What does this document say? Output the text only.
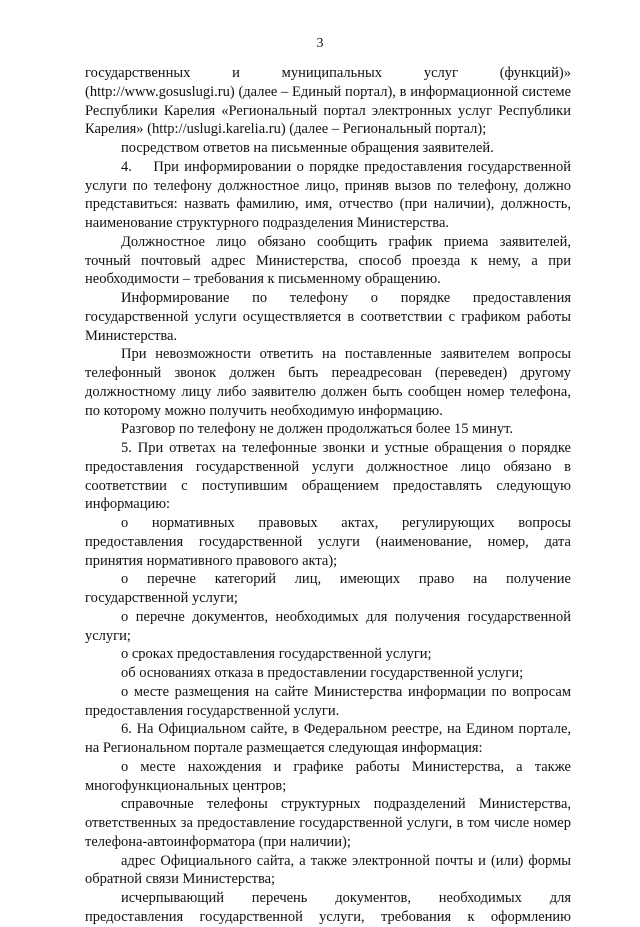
3

государственных и муниципальных услуг (функций)» (http://www.gosuslugi.ru) (далее – Единый портал), в информационной системе Республики Карелия «Региональный портал электронных услуг Республики Карелия» (http://uslugi.karelia.ru) (далее – Региональный портал);

посредством ответов на письменные обращения заявителей.

4.    При информировании о порядке предоставления государственной услуги по телефону должностное лицо, приняв вызов по телефону, должно представиться: назвать фамилию, имя, отчество (при наличии), должность, наименование структурного подразделения Министерства.

Должностное лицо обязано сообщить график приема заявителей, точный почтовый адрес Министерства, способ проезда к нему, а при необходимости – требования к письменному обращению.

Информирование по телефону о порядке предоставления государственной услуги осуществляется в соответствии с графиком работы Министерства.

При невозможности ответить на поставленные заявителем вопросы телефонный звонок должен быть переадресован (переведен) другому должностному лицу либо заявителю должен быть сообщен номер телефона, по которому можно получить необходимую информацию.

Разговор по телефону не должен продолжаться более 15 минут.

5. При ответах на телефонные звонки и устные обращения о порядке предоставления государственной услуги должностное лицо обязано в соответствии с поступившим обращением предоставлять следующую информацию:

о нормативных правовых актах, регулирующих вопросы предоставления государственной услуги (наименование, номер, дата принятия нормативного правового акта);

о перечне категорий лиц, имеющих право на получение государственной услуги;

о перечне документов, необходимых для получения государственной услуги;

о сроках предоставления государственной услуги;

об основаниях отказа в предоставлении государственной услуги;

о месте размещения на сайте Министерства информации по вопросам предоставления государственной услуги.

6. На Официальном сайте, в Федеральном реестре, на Едином портале, на Региональном портале размещается следующая информация:

о месте нахождения и графике работы Министерства, а также многофункциональных центров;

справочные телефоны структурных подразделений Министерства, ответственных за предоставление государственной услуги, в том числе номер телефона-автоинформатора (при наличии);

адрес Официального сайта, а также электронной почты и (или) формы обратной связи Министерства;

исчерпывающий перечень документов, необходимых для предоставления государственной услуги, требования к оформлению
